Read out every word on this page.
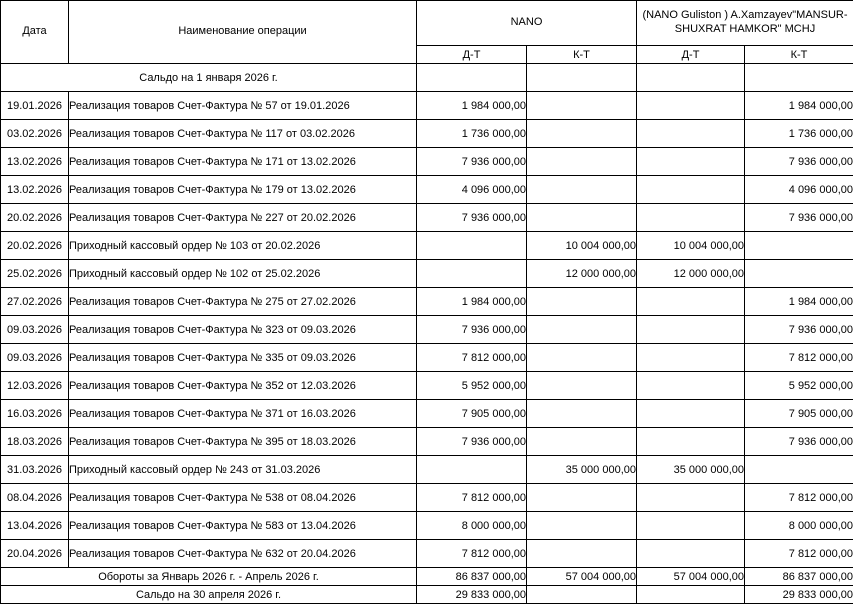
Дата	Наименование операции	NANO		(NANO Guliston ) A.Xamzayev"MANSUR-SHUXRAT HAMKOR" MCHJ	
		Д-Т	К-Т	Д-Т	К-Т
Сальдо на 1 января 2026 г.					
19.01.2026	Реализация товаров Счет-Фактура № 57 от 19.01.2026	1 984 000,00			1 984 000,00
03.02.2026	Реализация товаров Счет-Фактура № 117 от 03.02.2026	1 736 000,00			1 736 000,00
13.02.2026	Реализация товаров Счет-Фактура № 171 от 13.02.2026	7 936 000,00			7 936 000,00
13.02.2026	Реализация товаров Счет-Фактура № 179 от 13.02.2026	4 096 000,00			4 096 000,00
20.02.2026	Реализация товаров Счет-Фактура № 227 от 20.02.2026	7 936 000,00			7 936 000,00
20.02.2026	Приходный кассовый ордер № 103 от 20.02.2026		10 004 000,00	10 004 000,00	
25.02.2026	Приходный кассовый ордер № 102 от 25.02.2026		12 000 000,00	12 000 000,00	
27.02.2026	Реализация товаров Счет-Фактура № 275 от 27.02.2026	1 984 000,00			1 984 000,00
09.03.2026	Реализация товаров Счет-Фактура № 323 от 09.03.2026	7 936 000,00			7 936 000,00
09.03.2026	Реализация товаров Счет-Фактура № 335 от 09.03.2026	7 812 000,00			7 812 000,00
12.03.2026	Реализация товаров Счет-Фактура № 352 от 12.03.2026	5 952 000,00			5 952 000,00
16.03.2026	Реализация товаров Счет-Фактура № 371 от 16.03.2026	7 905 000,00			7 905 000,00
18.03.2026	Реализация товаров Счет-Фактура № 395 от 18.03.2026	7 936 000,00			7 936 000,00
31.03.2026	Приходный кассовый ордер № 243 от 31.03.2026		35 000 000,00	35 000 000,00	
08.04.2026	Реализация товаров Счет-Фактура № 538 от 08.04.2026	7 812 000,00			7 812 000,00
13.04.2026	Реализация товаров Счет-Фактура № 583 от 13.04.2026	8 000 000,00			8 000 000,00
20.04.2026	Реализация товаров Счет-Фактура № 632 от 20.04.2026	7 812 000,00			7 812 000,00
Обороты за Январь 2026 г. - Апрель 2026 г.		86 837 000,00	57 004 000,00	57 004 000,00	86 837 000,00
Сальдо на 30 апреля 2026 г.		29 833 000,00			29 833 000,00
